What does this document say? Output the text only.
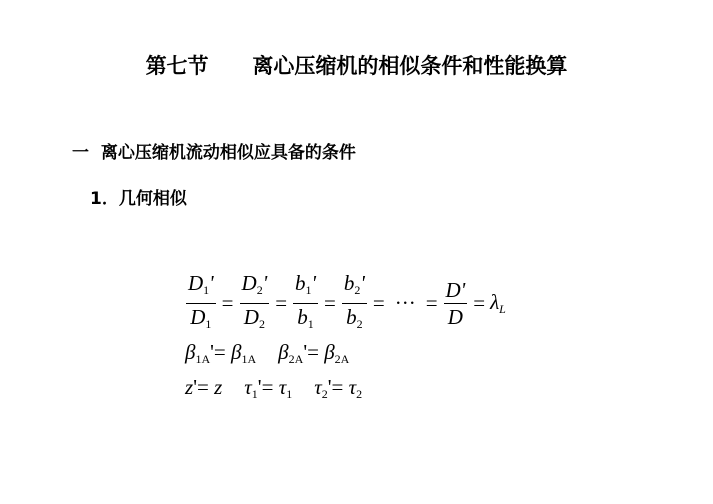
第七节      离心压缩机的相似条件和性能换算
一  离心压缩机流动相似应具备的条件
1．几何相似
$\frac{D_1'}{D_1} = \frac{D_2'}{D_2} = \frac{b_1'}{b_1} = \frac{b_2'}{b_2}$ = ··· = $\frac{D'}{D} = \lambda_L$
$\beta_{1A}'= \beta_{1A}$ $\beta_{2A}'= \beta_{2A}$
z'= z $\tau_1'= \tau_1$ $\tau_2'= \tau_2$
